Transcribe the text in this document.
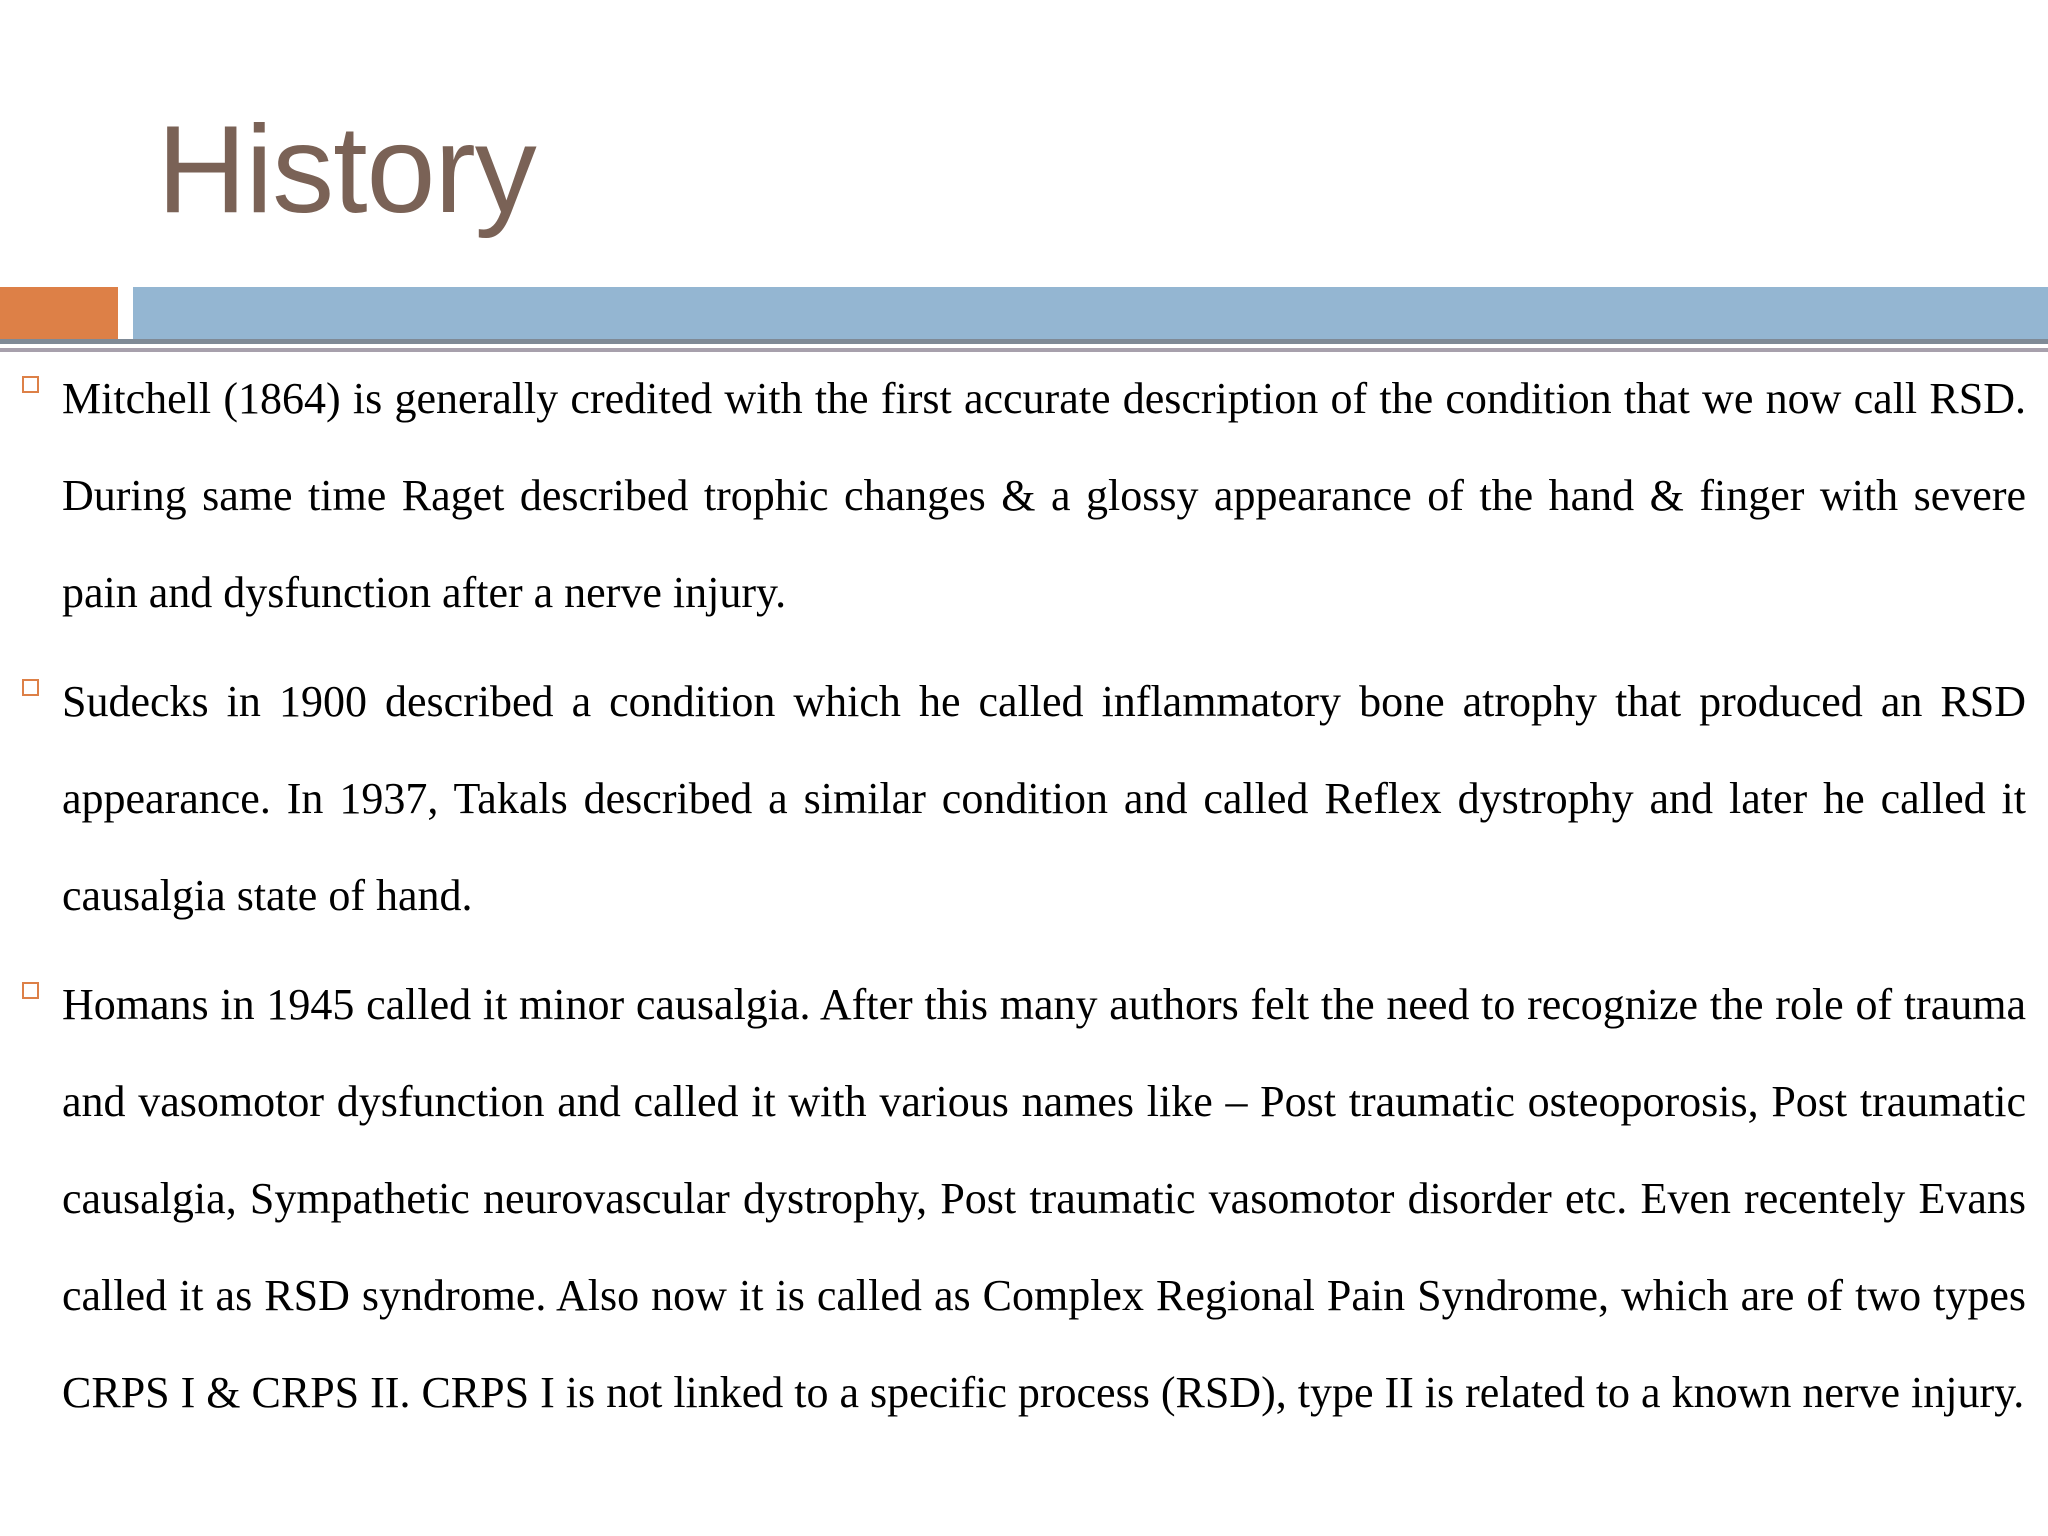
History
Mitchell (1864) is generally credited with the first accurate description of the condition that we now call RSD. During same time Raget described trophic changes & a glossy appearance of the hand & finger with severe pain and dysfunction after a nerve injury.
Sudecks in 1900 described a condition which he called inflammatory bone atrophy that produced an RSD appearance. In 1937, Takals described a similar condition and called Reflex dystrophy and later he called it causalgia state of hand.
Homans in 1945 called it minor causalgia. After this many authors felt the need to recognize the role of trauma and vasomotor dysfunction and called it with various names like – Post traumatic osteoporosis, Post traumatic causalgia, Sympathetic neurovascular dystrophy, Post traumatic vasomotor disorder etc. Even recentely Evans called it as RSD syndrome. Also now it is called as Complex Regional Pain Syndrome, which are of two types CRPS I & CRPS II. CRPS I is not linked to a specific process (RSD), type II is related to a known nerve injury.
